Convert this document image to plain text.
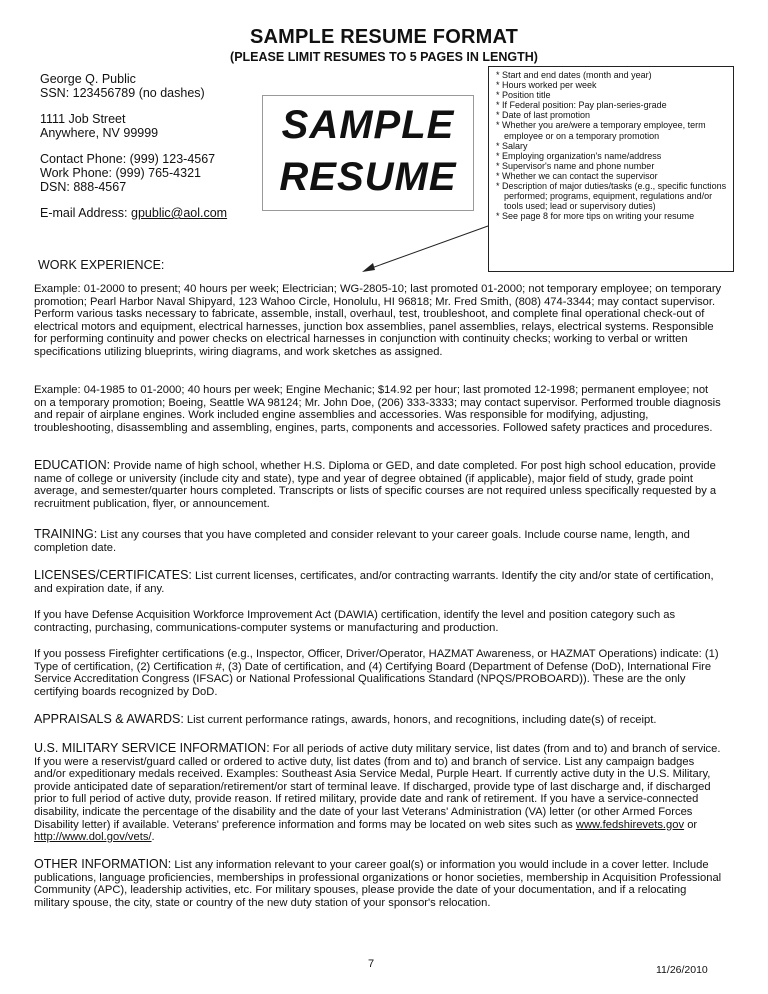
SAMPLE RESUME FORMAT
(PLEASE LIMIT RESUMES TO 5 PAGES IN LENGTH)
George Q. Public
SSN: 123456789 (no dashes)
1111 Job Street
Anywhere, NV 99999
Contact Phone: (999) 123-4567
Work Phone: (999) 765-4321
DSN: 888-4567
E-mail Address: gpublic@aol.com
SAMPLE
RESUME
* Start and end dates (month and year)
* Hours worked per week
* Position title
* If Federal position: Pay plan-series-grade
* Date of last promotion
* Whether you are/were a temporary employee, term employee or on a temporary promotion
* Salary
* Employing organization's name/address
* Supervisor's name and phone number
* Whether we can contact the supervisor
* Description of major duties/tasks (e.g., specific functions performed; programs, equipment, regulations and/or tools used; lead or supervisory duties)
* See page 8 for more tips on writing your resume
WORK EXPERIENCE:
Example: 01-2000 to present; 40 hours per week; Electrician; WG-2805-10; last promoted 01-2000; not temporary employee; on temporary promotion; Pearl Harbor Naval Shipyard, 123 Wahoo Circle, Honolulu, HI 96818; Mr. Fred Smith, (808) 474-3344; may contact supervisor. Perform various tasks necessary to fabricate, assemble, install, overhaul, test, troubleshoot, and complete final operational check-out of electrical motors and equipment, electrical harnesses, junction box assemblies, panel assemblies, relays, electrical systems. Responsible for performing continuity and power checks on electrical harnesses in conjunction with continuity checks; working to verbal or written specifications utilizing blueprints, wiring diagrams, and work sketches as assigned.
Example: 04-1985 to 01-2000; 40 hours per week; Engine Mechanic; $14.92 per hour; last promoted 12-1998; permanent employee; not on a temporary promotion; Boeing, Seattle WA 98124; Mr. John Doe, (206) 333-3333; may contact supervisor. Performed trouble diagnosis and repair of airplane engines. Work included engine assemblies and accessories. Was responsible for modifying, adjusting, troubleshooting, disassembling and assembling, engines, parts, components and accessories. Followed safety practices and procedures.
EDUCATION: Provide name of high school, whether H.S. Diploma or GED, and date completed. For post high school education, provide name of college or university (include city and state), type and year of degree obtained (if applicable), major field of study, grade point average, and semester/quarter hours completed. Transcripts or lists of specific courses are not required unless specifically requested by a recruitment publication, flyer, or announcement.
TRAINING: List any courses that you have completed and consider relevant to your career goals. Include course name, length, and completion date.
LICENSES/CERTIFICATES: List current licenses, certificates, and/or contracting warrants. Identify the city and/or state of certification, and expiration date, if any.
If you have Defense Acquisition Workforce Improvement Act (DAWIA) certification, identify the level and position category such as contracting, purchasing, communications-computer systems or manufacturing and production.
If you possess Firefighter certifications (e.g., Inspector, Officer, Driver/Operator, HAZMAT Awareness, or HAZMAT Operations) indicate: (1) Type of certification, (2) Certification #, (3) Date of certification, and (4) Certifying Board (Department of Defense (DoD), International Fire Service Accreditation Congress (IFSAC) or National Professional Qualifications Standard (NPQS/PROBOARD)). These are the only certifying boards recognized by DoD.
APPRAISALS & AWARDS: List current performance ratings, awards, honors, and recognitions, including date(s) of receipt.
U.S. MILITARY SERVICE INFORMATION: For all periods of active duty military service, list dates (from and to) and branch of service. If you were a reservist/guard called or ordered to active duty, list dates (from and to) and branch of service. List any campaign badges and/or expeditionary medals received. Examples: Southeast Asia Service Medal, Purple Heart. If currently active duty in the U.S. Military, provide anticipated date of separation/retirement/or start of terminal leave. If discharged, provide type of last discharge and, if discharged prior to full period of active duty, provide reason. If retired military, provide date and rank of retirement. If you have a service-connected disability, indicate the percentage of the disability and the date of your last Veterans' Administration (VA) letter (or other Armed Forces Disability letter) if available. Veterans' preference information and forms may be located on web sites such as www.fedshirevets.gov or http://www.dol.gov/vets/.
OTHER INFORMATION: List any information relevant to your career goal(s) or information you would include in a cover letter. Include publications, language proficiencies, memberships in professional organizations or honor societies, membership in Acquisition Professional Community (APC), leadership activities, etc. For military spouses, please provide the date of your documentation, and if a relocating military spouse, the city, state or country of the new duty station of your sponsor's relocation.
7	11/26/2010
